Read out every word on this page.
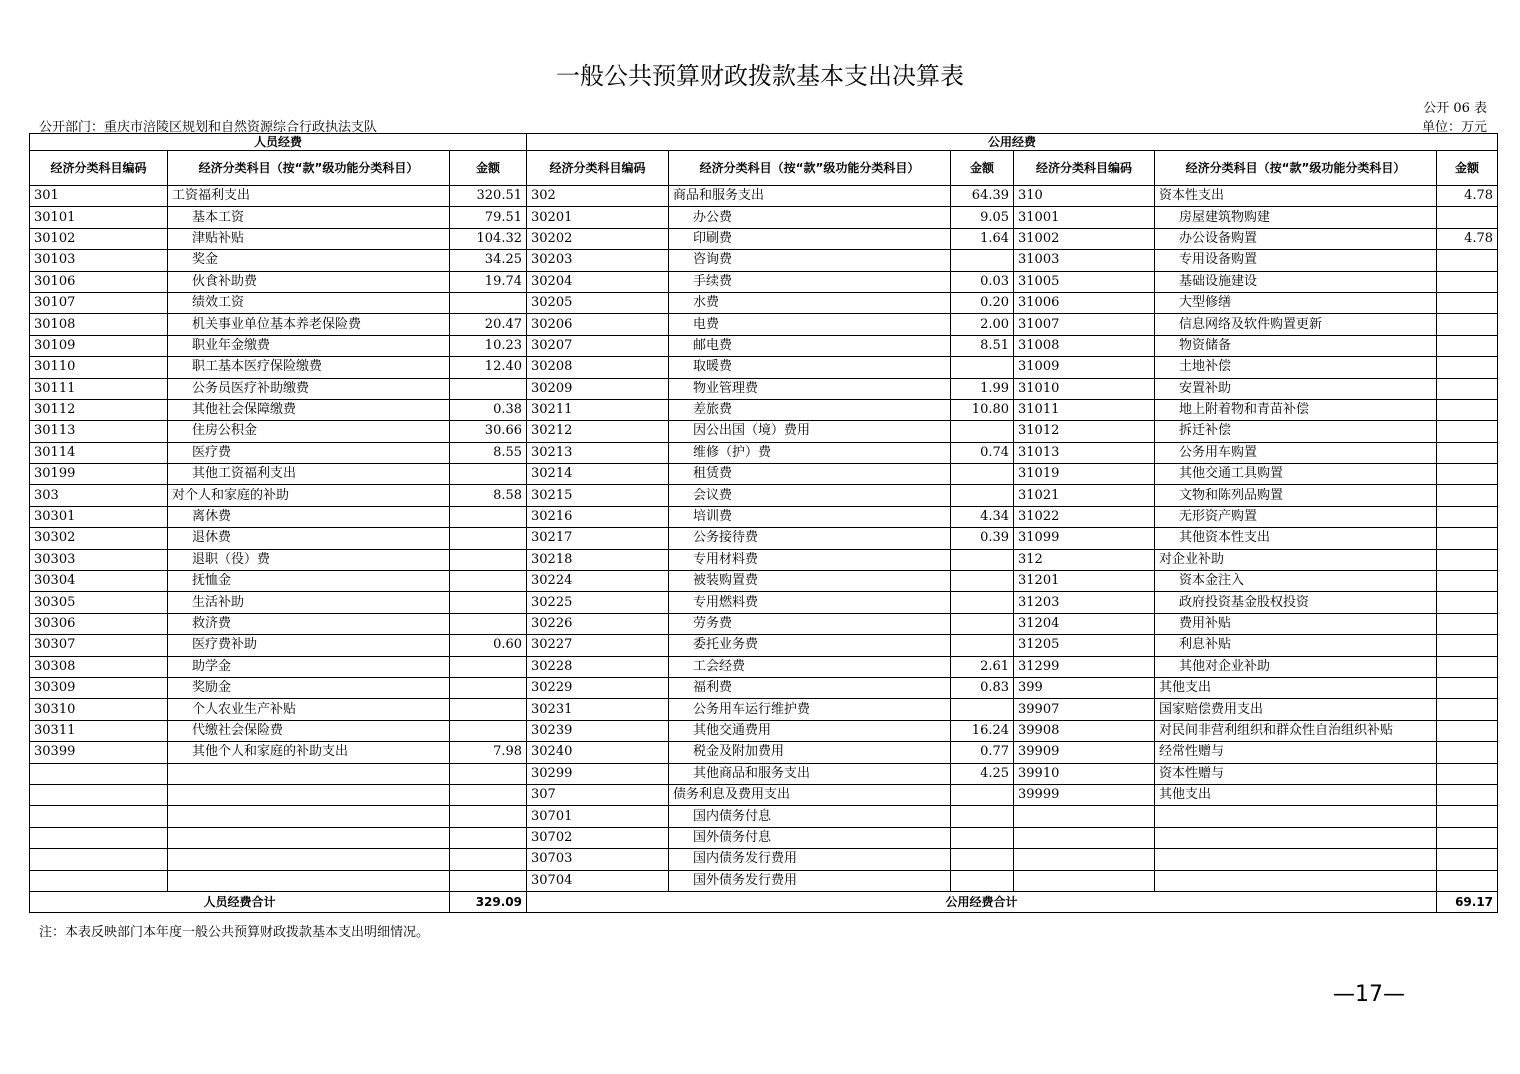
一般公共预算财政拨款基本支出决算表
公开 06 表
公开部门：重庆市涪陵区规划和自然资源综合行政执法支队	单位：万元
人员经费			公用经费					
经济分类科目编码	经济分类科目（按“款”级功能分类科目）	金额	经济分类科目编码	经济分类科目（按“款”级功能分类科目）	金额	经济分类科目编码	经济分类科目（按“款”级功能分类科目）	金额
301	工资福利支出	320.51	302	商品和服务支出	64.39	310	资本性支出	4.78
30101	基本工资	79.51	30201	办公费	9.05	31001	房屋建筑物购建	
30102	津贴补贴	104.32	30202	印刷费	1.64	31002	办公设备购置	4.78
30103	奖金	34.25	30203	咨询费		31003	专用设备购置	
30106	伙食补助费	19.74	30204	手续费	0.03	31005	基础设施建设	
30107	绩效工资		30205	水费	0.20	31006	大型修缮	
30108	机关事业单位基本养老保险费	20.47	30206	电费	2.00	31007	信息网络及软件购置更新	
30109	职业年金缴费	10.23	30207	邮电费	8.51	31008	物资储备	
30110	职工基本医疗保险缴费	12.40	30208	取暖费		31009	土地补偿	
30111	公务员医疗补助缴费		30209	物业管理费	1.99	31010	安置补助	
30112	其他社会保障缴费	0.38	30211	差旅费	10.80	31011	地上附着物和青苗补偿	
30113	住房公积金	30.66	30212	因公出国（境）费用		31012	拆迁补偿	
30114	医疗费	8.55	30213	维修（护）费	0.74	31013	公务用车购置	
30199	其他工资福利支出		30214	租赁费		31019	其他交通工具购置	
303	对个人和家庭的补助	8.58	30215	会议费		31021	文物和陈列品购置	
30301	离休费		30216	培训费	4.34	31022	无形资产购置	
30302	退休费		30217	公务接待费	0.39	31099	其他资本性支出	
30303	退职（役）费		30218	专用材料费		312	对企业补助	
30304	抚恤金		30224	被装购置费		31201	资本金注入	
30305	生活补助		30225	专用燃料费		31203	政府投资基金股权投资	
30306	救济费		30226	劳务费		31204	费用补贴	
30307	医疗费补助	0.60	30227	委托业务费		31205	利息补贴	
30308	助学金		30228	工会经费	2.61	31299	其他对企业补助	
30309	奖励金		30229	福利费	0.83	399	其他支出	
30310	个人农业生产补贴		30231	公务用车运行维护费		39907	国家赔偿费用支出	
30311	代缴社会保险费		30239	其他交通费用	16.24	39908	对民间非营利组织和群众性自治组织补贴	
30399	其他个人和家庭的补助支出	7.98	30240	税金及附加费用	0.77	39909	经常性赠与	
			30299	其他商品和服务支出	4.25	39910	资本性赠与	
			307	债务利息及费用支出		39999	其他支出	
			30701	国内债务付息				
			30702	国外债务付息				
			30703	国内债务发行费用				
			30704	国外债务发行费用				
人员经费合计		329.09	公用经费合计					69.17
注：本表反映部门本年度一般公共预算财政拨款基本支出明细情况。
—17—
